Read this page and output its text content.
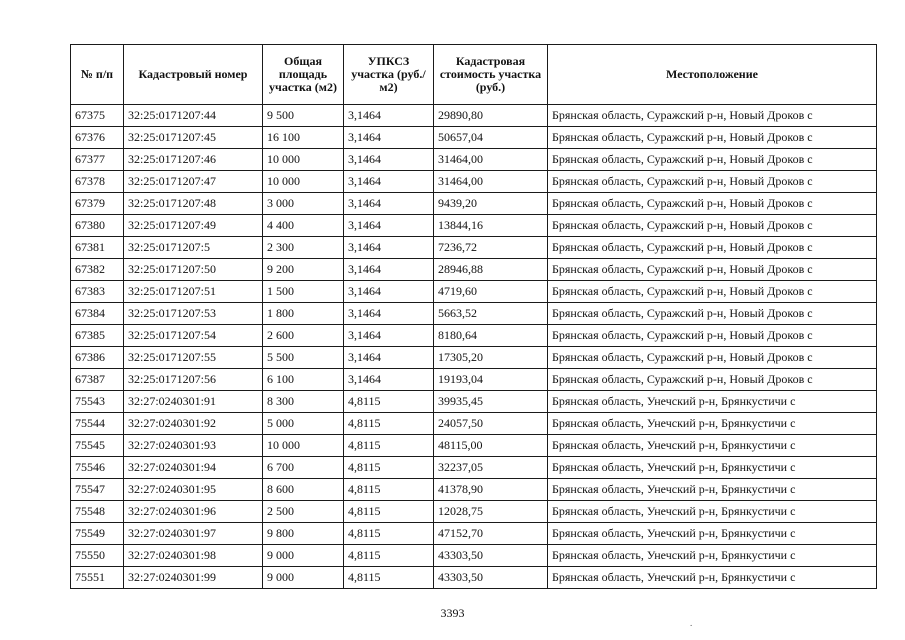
№ п/п	Кадастровый номер	Общая площадь участка (м2)	УПКСЗ участка (руб./м2)	Кадастровая стоимость участка (руб.)	Местоположение
67375	32:25:0171207:44	9 500	3,1464	29890,80	Брянская область, Суражский р-н, Новый Дроков с
67376	32:25:0171207:45	16 100	3,1464	50657,04	Брянская область, Суражский р-н, Новый Дроков с
67377	32:25:0171207:46	10 000	3,1464	31464,00	Брянская область, Суражский р-н, Новый Дроков с
67378	32:25:0171207:47	10 000	3,1464	31464,00	Брянская область, Суражский р-н, Новый Дроков с
67379	32:25:0171207:48	3 000	3,1464	9439,20	Брянская область, Суражский р-н, Новый Дроков с
67380	32:25:0171207:49	4 400	3,1464	13844,16	Брянская область, Суражский р-н, Новый Дроков с
67381	32:25:0171207:5	2 300	3,1464	7236,72	Брянская область, Суражский р-н, Новый Дроков с
67382	32:25:0171207:50	9 200	3,1464	28946,88	Брянская область, Суражский р-н, Новый Дроков с
67383	32:25:0171207:51	1 500	3,1464	4719,60	Брянская область, Суражский р-н, Новый Дроков с
67384	32:25:0171207:53	1 800	3,1464	5663,52	Брянская область, Суражский р-н, Новый Дроков с
67385	32:25:0171207:54	2 600	3,1464	8180,64	Брянская область, Суражский р-н, Новый Дроков с
67386	32:25:0171207:55	5 500	3,1464	17305,20	Брянская область, Суражский р-н, Новый Дроков с
67387	32:25:0171207:56	6 100	3,1464	19193,04	Брянская область, Суражский р-н, Новый Дроков с
75543	32:27:0240301:91	8 300	4,8115	39935,45	Брянская область, Унечский р-н, Брянкустичи с
75544	32:27:0240301:92	5 000	4,8115	24057,50	Брянская область, Унечский р-н, Брянкустичи с
75545	32:27:0240301:93	10 000	4,8115	48115,00	Брянская область, Унечский р-н, Брянкустичи с
75546	32:27:0240301:94	6 700	4,8115	32237,05	Брянская область, Унечский р-н, Брянкустичи с
75547	32:27:0240301:95	8 600	4,8115	41378,90	Брянская область, Унечский р-н, Брянкустичи с
75548	32:27:0240301:96	2 500	4,8115	12028,75	Брянская область, Унечский р-н, Брянкустичи с
75549	32:27:0240301:97	9 800	4,8115	47152,70	Брянская область, Унечский р-н, Брянкустичи с
75550	32:27:0240301:98	9 000	4,8115	43303,50	Брянская область, Унечский р-н, Брянкустичи с
75551	32:27:0240301:99	9 000	4,8115	43303,50	Брянская область, Унечский р-н, Брянкустичи с
3393
.
